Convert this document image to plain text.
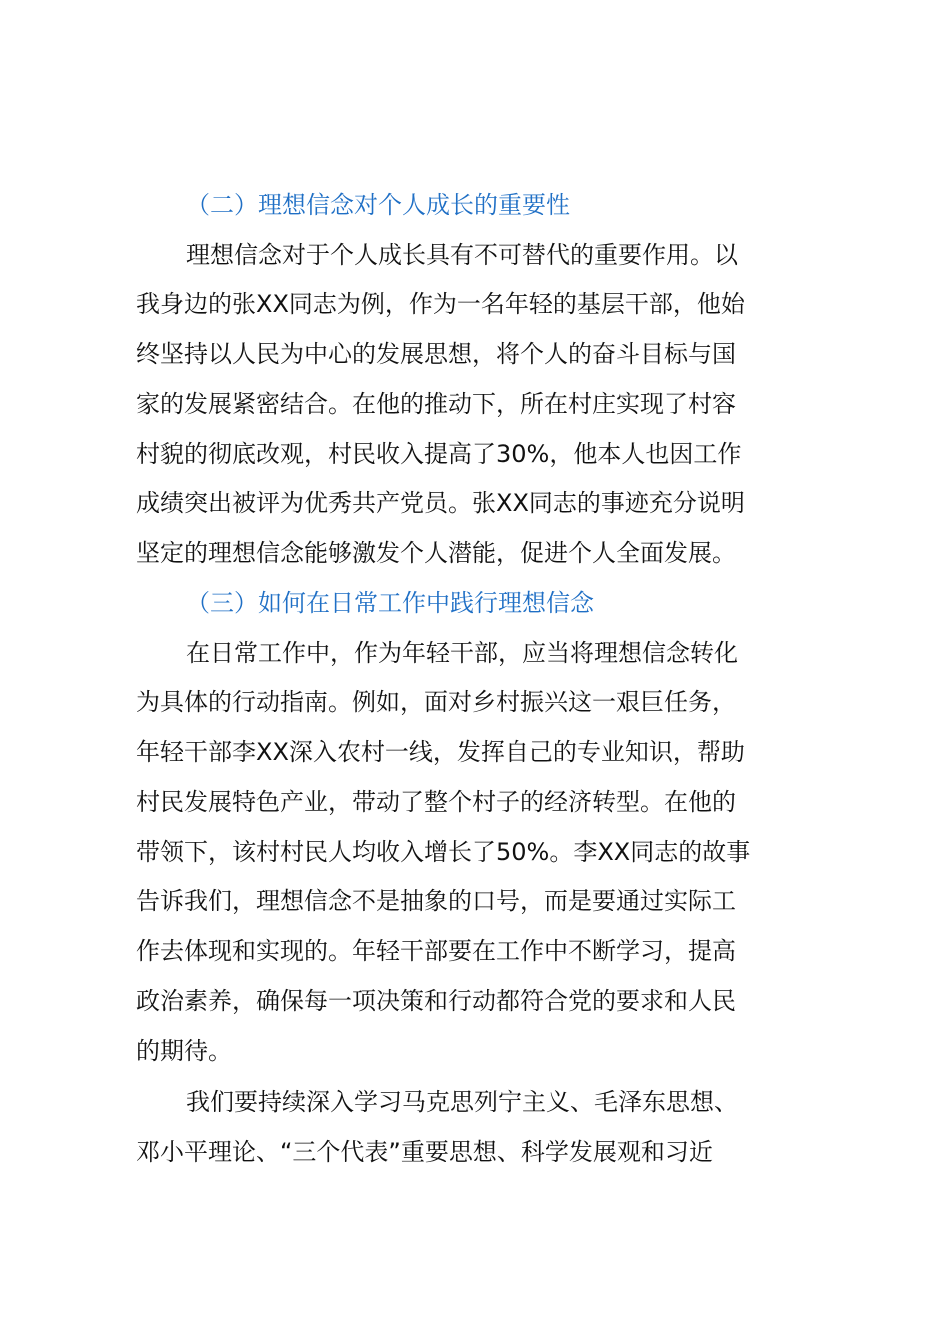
（二）理想信念对个人成长的重要性
理想信念对于个人成长具有不可替代的重要作用。以
我身边的张XX同志为例，作为一名年轻的基层干部，他始
终坚持以人民为中心的发展思想，将个人的奋斗目标与国
家的发展紧密结合。在他的推动下，所在村庄实现了村容
村貌的彻底改观，村民收入提高了30%，他本人也因工作
成绩突出被评为优秀共产党员。张XX同志的事迹充分说明
坚定的理想信念能够激发个人潜能，促进个人全面发展。
（三）如何在日常工作中践行理想信念
在日常工作中，作为年轻干部，应当将理想信念转化
为具体的行动指南。例如，面对乡村振兴这一艰巨任务，
年轻干部李XX深入农村一线，发挥自己的专业知识，帮助
村民发展特色产业，带动了整个村子的经济转型。在他的
带领下，该村村民人均收入增长了50%。李XX同志的故事
告诉我们，理想信念不是抽象的口号，而是要通过实际工
作去体现和实现的。年轻干部要在工作中不断学习，提高
政治素养，确保每一项决策和行动都符合党的要求和人民
的期待。
我们要持续深入学习马克思列宁主义、毛泽东思想、
邓小平理论、“三个代表”重要思想、科学发展观和习近
